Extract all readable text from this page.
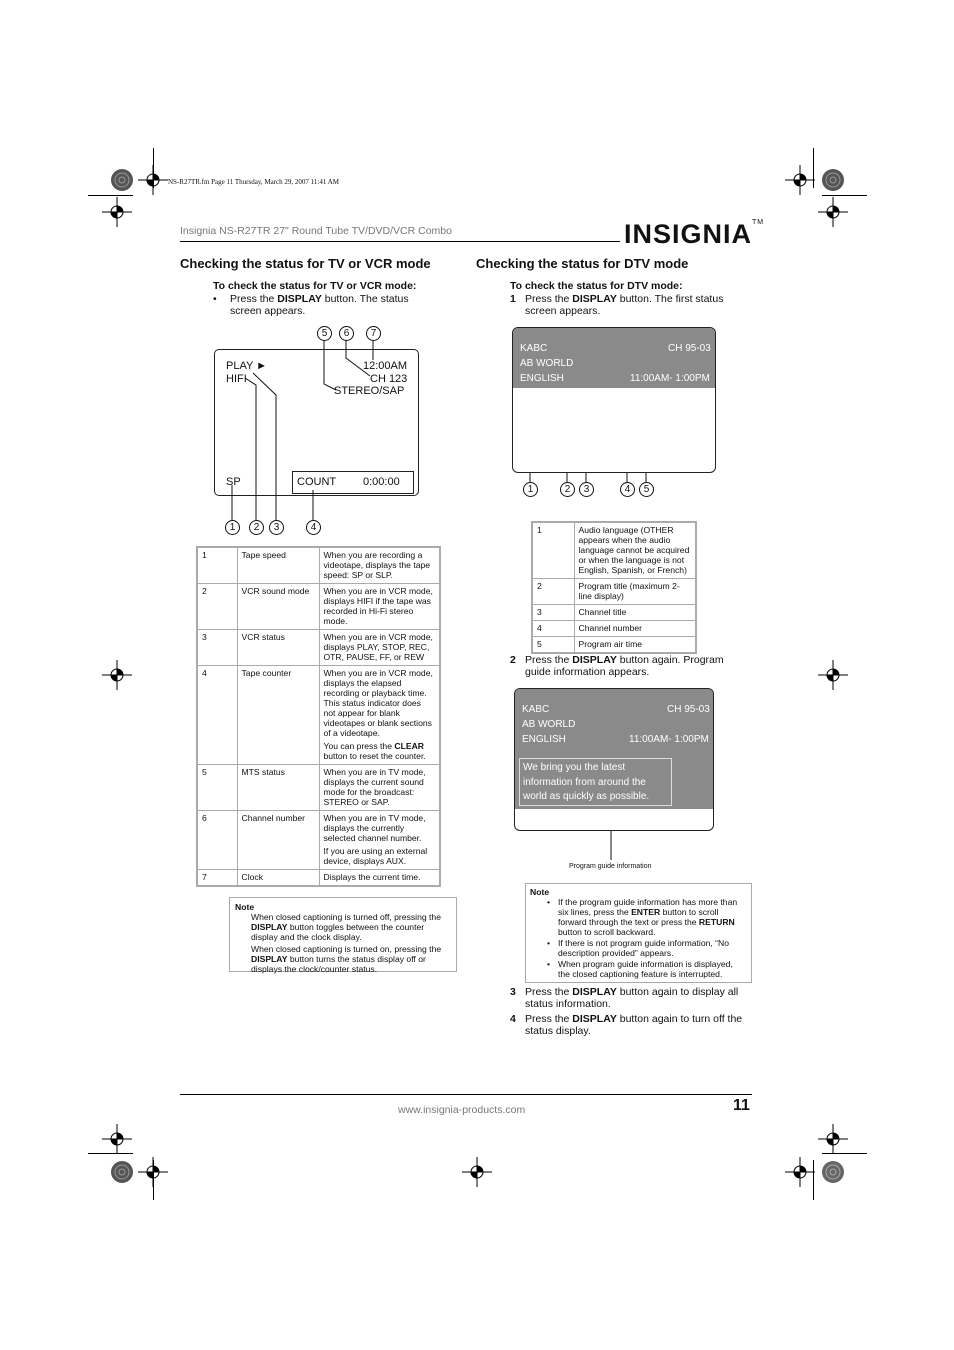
NS-R27TR.fm Page 11 Thursday, March 29, 2007 11:41 AM
Insignia NS-R27TR 27" Round Tube TV/DVD/VCR Combo	INSIGNIA™
Checking the status for TV or VCR mode
To check the status for TV or VCR mode:
• Press the DISPLAY button. The status screen appears.
PLAY ►
HIFI
12:00AM
CH 123
STEREO/SAP
SP	COUNT 0:00:00
5	6	7
1	2	3	4
1	Tape speed	When you are recording a videotape, displays the tape speed: SP or SLP.
2	VCR sound mode	When you are in VCR mode, displays HIFI if the tape was recorded in Hi-Fi stereo mode.
3	VCR status	When you are in VCR mode, displays PLAY, STOP, REC, OTR, PAUSE, FF, or REW
4	Tape counter	When you are in VCR mode, displays the elapsed recording or playback time. This status indicator does not appear for blank videotapes or blank sections of a videotape.
You can press the CLEAR button to reset the counter.

5	MTS status	When you are in TV mode, displays the current sound mode for the broadcast: STEREO or SAP.
6	Channel number	When you are in TV mode, displays the currently selected channel number.
If you are using an external device, displays AUX.

7	Clock	Displays the current time.
Note
When closed captioning is turned off, pressing the DISPLAY button toggles between the counter display and the clock display.
When closed captioning is turned on, pressing the DISPLAY button turns the status display off or displays the clock/counter status.
Checking the status for DTV mode
To check the status for DTV mode:
1 Press the DISPLAY button. The first status screen appears.
KABC
AB WORLD
ENGLISH
CH 95-03
11:00AM- 1:00PM
1	2	3	4	5
1	Audio language (OTHER appears when the audio language cannot be acquired or when the language is not English, Spanish, or French)
2	Program title (maximum 2-line display)
3	Channel title
4	Channel number
5	Program air time
2 Press the DISPLAY button again. Program guide information appears.
KABC
AB WORLD
ENGLISH
CH 95-03
11:00AM- 1:00PM
We bring you the latest information from around the world as quickly as possible.
Program guide information
Note
• If the program guide information has more than six lines, press the ENTER button to scroll forward through the text or press the RETURN button to scroll backward.
• If there is not program guide information, “No description provided” appears.
• When program guide information is displayed, the closed captioning feature is interrupted.
3 Press the DISPLAY button again to display all status information.
4 Press the DISPLAY button again to turn off the status display.
www.insignia-products.com	11
